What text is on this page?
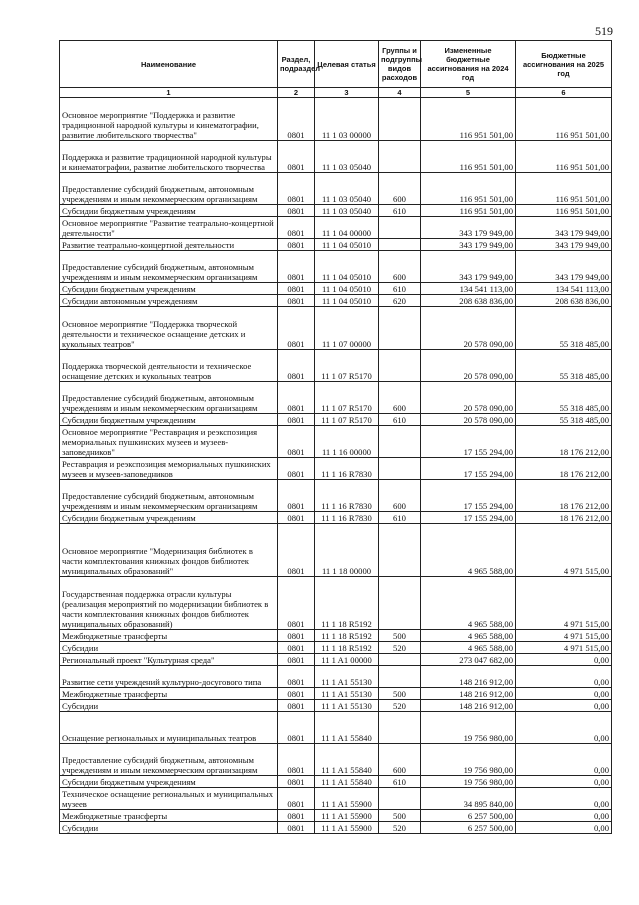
519
Наименование	Раздел, подраздел	Целевая статья	Группы и подгруппы видов расходов	Измененные бюджетные ассигнования на 2024 год	Бюджетные ассигнования на 2025 год
1	2	3	4	5	6
Основное мероприятие "Поддержка и развитие традиционной народной культуры и кинематографии, развитие любительского творчества"	0801	11 1 03 00000		116 951 501,00	116 951 501,00
Поддержка и развитие традиционной народной культуры и кинематографии, развитие любительского творчества	0801	11 1 03 05040		116 951 501,00	116 951 501,00
Предоставление субсидий бюджетным, автономным учреждениям и иным некоммерческим организациям	0801	11 1 03 05040	600	116 951 501,00	116 951 501,00
Субсидии бюджетным учреждениям	0801	11 1 03 05040	610	116 951 501,00	116 951 501,00
Основное мероприятие "Развитие театрально-концертной деятельности"	0801	11 1 04 00000		343 179 949,00	343 179 949,00
Развитие театрально-концертной деятельности	0801	11 1 04 05010		343 179 949,00	343 179 949,00
Предоставление субсидий бюджетным, автономным учреждениям и иным некоммерческим организациям	0801	11 1 04 05010	600	343 179 949,00	343 179 949,00
Субсидии бюджетным учреждениям	0801	11 1 04 05010	610	134 541 113,00	134 541 113,00
Субсидии автономным учреждениям	0801	11 1 04 05010	620	208 638 836,00	208 638 836,00
Основное мероприятие "Поддержка творческой деятельности и техническое оснащение детских и кукольных театров"	0801	11 1 07 00000		20 578 090,00	55 318 485,00
Поддержка творческой деятельности и техническое оснащение детских и кукольных театров	0801	11 1 07 R5170		20 578 090,00	55 318 485,00
Предоставление субсидий бюджетным, автономным учреждениям и иным некоммерческим организациям	0801	11 1 07 R5170	600	20 578 090,00	55 318 485,00
Субсидии бюджетным учреждениям	0801	11 1 07 R5170	610	20 578 090,00	55 318 485,00
Основное мероприятие "Реставрация и реэкспозиция мемориальных пушкинских музеев и музеев-заповедников"	0801	11 1 16 00000		17 155 294,00	18 176 212,00
Реставрация и реэкспозиция мемориальных пушкинских музеев и музеев-заповедников	0801	11 1 16 R7830		17 155 294,00	18 176 212,00
Предоставление субсидий бюджетным, автономным учреждениям и иным некоммерческим организациям	0801	11 1 16 R7830	600	17 155 294,00	18 176 212,00
Субсидии бюджетным учреждениям	0801	11 1 16 R7830	610	17 155 294,00	18 176 212,00
Основное мероприятие "Модернизация библиотек в части комплектования книжных фондов библиотек муниципальных образований"	0801	11 1 18 00000		4 965 588,00	4 971 515,00
Государственная поддержка отрасли культуры (реализация мероприятий по модернизации библиотек в части комплектования книжных фондов библиотек муниципальных образований)	0801	11 1 18 R5192		4 965 588,00	4 971 515,00
Межбюджетные трансферты	0801	11 1 18 R5192	500	4 965 588,00	4 971 515,00
Субсидии	0801	11 1 18 R5192	520	4 965 588,00	4 971 515,00
Региональный проект "Культурная среда"	0801	11 1 A1 00000		273 047 682,00	0,00
Развитие сети учреждений культурно-досугового типа	0801	11 1 A1 55130		148 216 912,00	0,00
Межбюджетные трансферты	0801	11 1 A1 55130	500	148 216 912,00	0,00
Субсидии	0801	11 1 A1 55130	520	148 216 912,00	0,00
Оснащение региональных и муниципальных театров	0801	11 1 A1 55840		19 756 980,00	0,00
Предоставление субсидий бюджетным, автономным учреждениям и иным некоммерческим организациям	0801	11 1 A1 55840	600	19 756 980,00	0,00
Субсидии бюджетным учреждениям	0801	11 1 A1 55840	610	19 756 980,00	0,00
Техническое оснащение региональных и муниципальных музеев	0801	11 1 A1 55900		34 895 840,00	0,00
Межбюджетные трансферты	0801	11 1 A1 55900	500	6 257 500,00	0,00
Субсидии	0801	11 1 A1 55900	520	6 257 500,00	0,00
